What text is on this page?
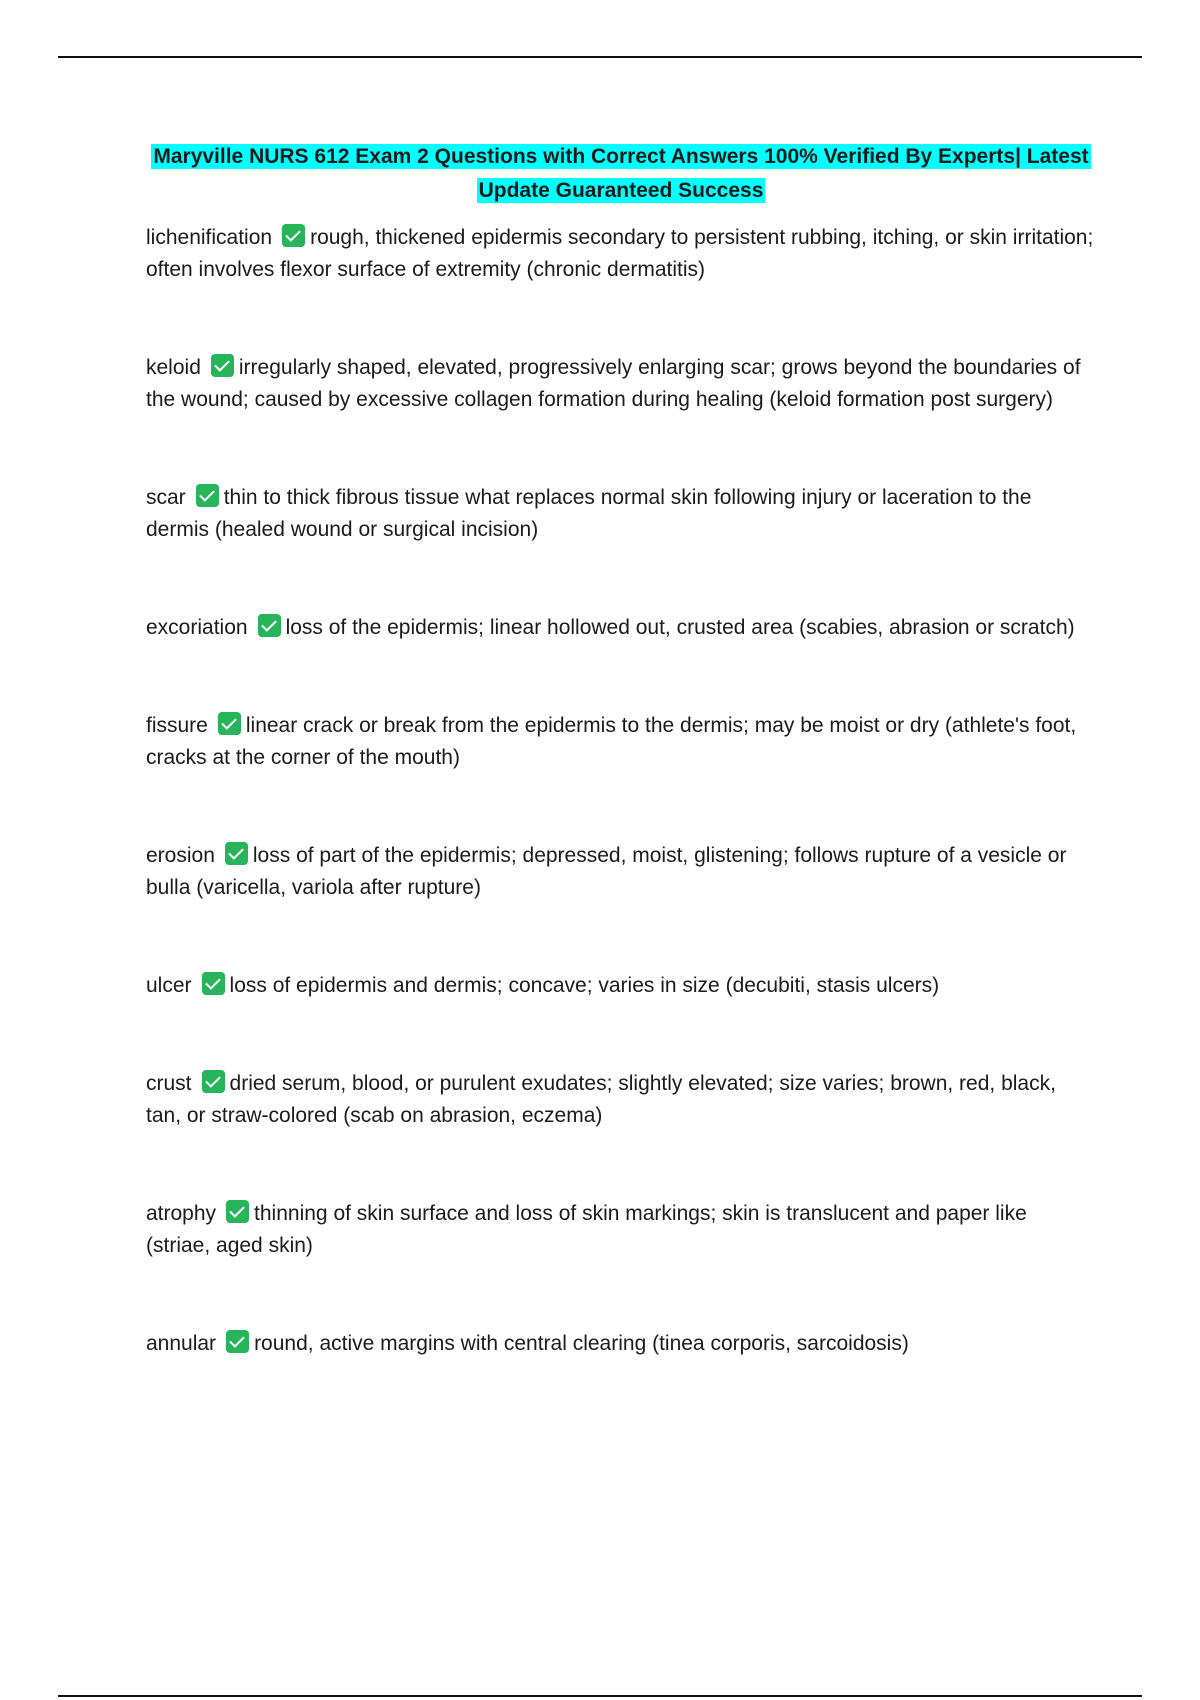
Maryville NURS 612 Exam 2 Questions with Correct Answers 100% Verified By Experts| Latest
Update Guaranteed Success
lichenification rough, thickened epidermis secondary to persistent rubbing, itching, or skin irritation; often involves flexor surface of extremity (chronic dermatitis)
keloid irregularly shaped, elevated, progressively enlarging scar; grows beyond the boundaries of the wound; caused by excessive collagen formation during healing (keloid formation post surgery)
scar thin to thick fibrous tissue what replaces normal skin following injury or laceration to the dermis (healed wound or surgical incision)
excoriation loss of the epidermis; linear hollowed out, crusted area (scabies, abrasion or scratch)
fissure linear crack or break from the epidermis to the dermis; may be moist or dry (athlete's foot, cracks at the corner of the mouth)
erosion loss of part of the epidermis; depressed, moist, glistening; follows rupture of a vesicle or bulla (varicella, variola after rupture)
ulcer loss of epidermis and dermis; concave; varies in size (decubiti, stasis ulcers)
crust dried serum, blood, or purulent exudates; slightly elevated; size varies; brown, red, black, tan, or straw-colored (scab on abrasion, eczema)
atrophy thinning of skin surface and loss of skin markings; skin is translucent and paper like (striae, aged skin)
annular round, active margins with central clearing (tinea corporis, sarcoidosis)
